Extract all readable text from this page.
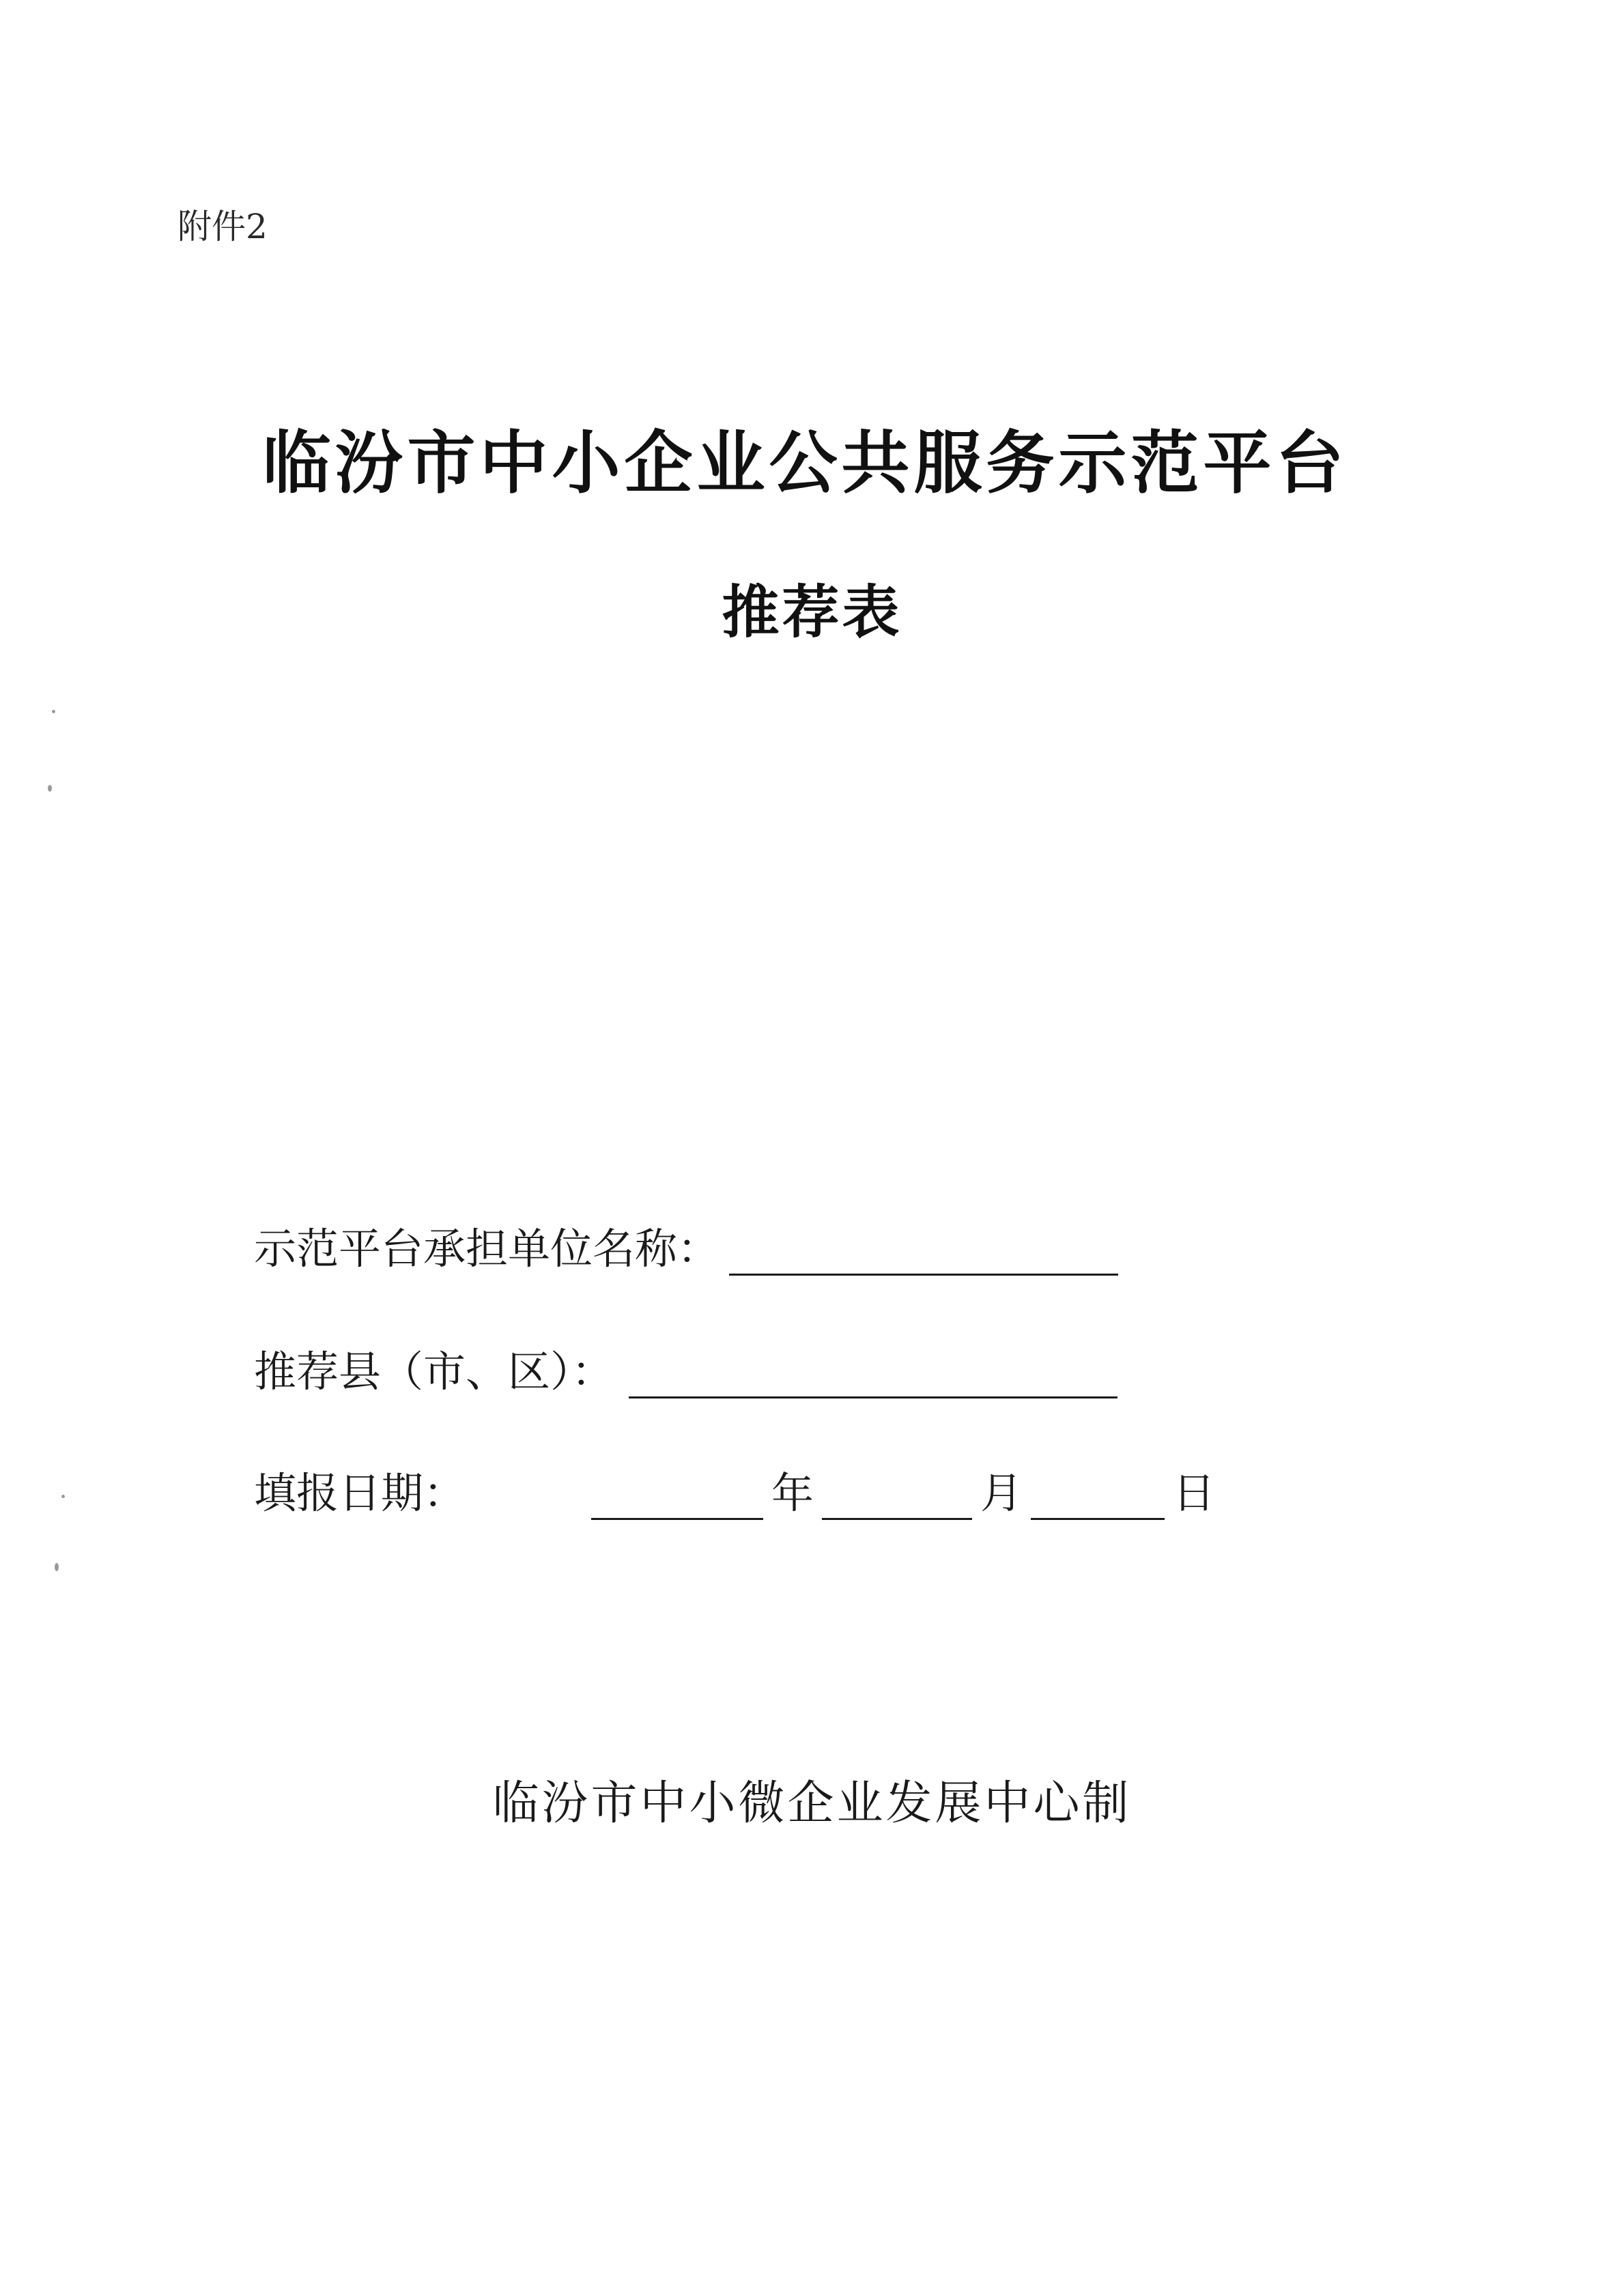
附件2
临汾市中小企业公共服务示范平台
推荐表
示范平台承担单位名称：
推荐县（市、区）：
填报日期：	年	月	日
临汾市中小微企业发展中心制
